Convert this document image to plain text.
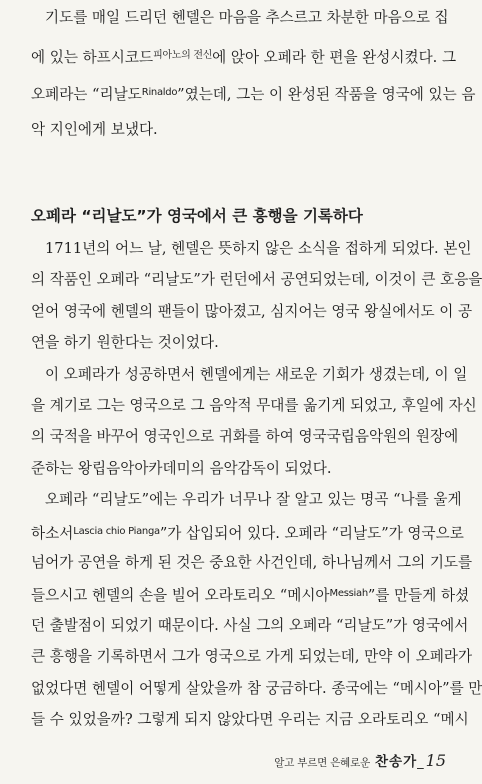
기도를 매일 드리던 헨델은 마음을 추스르고 차분한 마음으로 집
에 있는 하프시코드$^{피아노의 전신}$에 앉아 오페라 한 편을 완성시켰다. 그
오페라는 “리날도$^{Rinaldo}$”였는데, 그는 이 완성된 작품을 영국에 있는 음
악 지인에게 보냈다.
오페라 “리날도”가 영국에서 큰 흥행을 기록하다
1711년의 어느 날, 헨델은 뜻하지 않은 소식을 접하게 되었다. 본인
의 작품인 오페라 “리날도”가 런던에서 공연되었는데, 이것이 큰 호응을
얻어 영국에 헨델의 팬들이 많아졌고, 심지어는 영국 왕실에서도 이 공
연을 하기 원한다는 것이었다.
이 오페라가 성공하면서 헨델에게는 새로운 기회가 생겼는데, 이 일
을 계기로 그는 영국으로 그 음악적 무대를 옮기게 되었고, 후일에 자신
의 국적을 바꾸어 영국인으로 귀화를 하여 영국국립음악원의 원장에
준하는 왕립음악아카데미의 음악감독이 되었다.
오페라 “리날도”에는 우리가 너무나 잘 알고 있는 명곡 “나를 울게
하소서$^{Lascia chio Pianga}$”가 삽입되어 있다. 오페라 “리날도”가 영국으로
넘어가 공연을 하게 된 것은 중요한 사건인데, 하나님께서 그의 기도를
들으시고 헨델의 손을 빌어 오라토리오 “메시아$^{Messiah}$”를 만들게 하셨
던 출발점이 되었기 때문이다. 사실 그의 오페라 “리날도”가 영국에서
큰 흥행을 기록하면서 그가 영국으로 가게 되었는데, 만약 이 오페라가
없었다면 헨델이 어떻게 살았을까 참 궁금하다. 종국에는 “메시아”를 만
들 수 있었을까? 그렇게 되지 않았다면 우리는 지금 오라토리오 “메시
알고 부르면 은혜로운 찬송가_ 15
